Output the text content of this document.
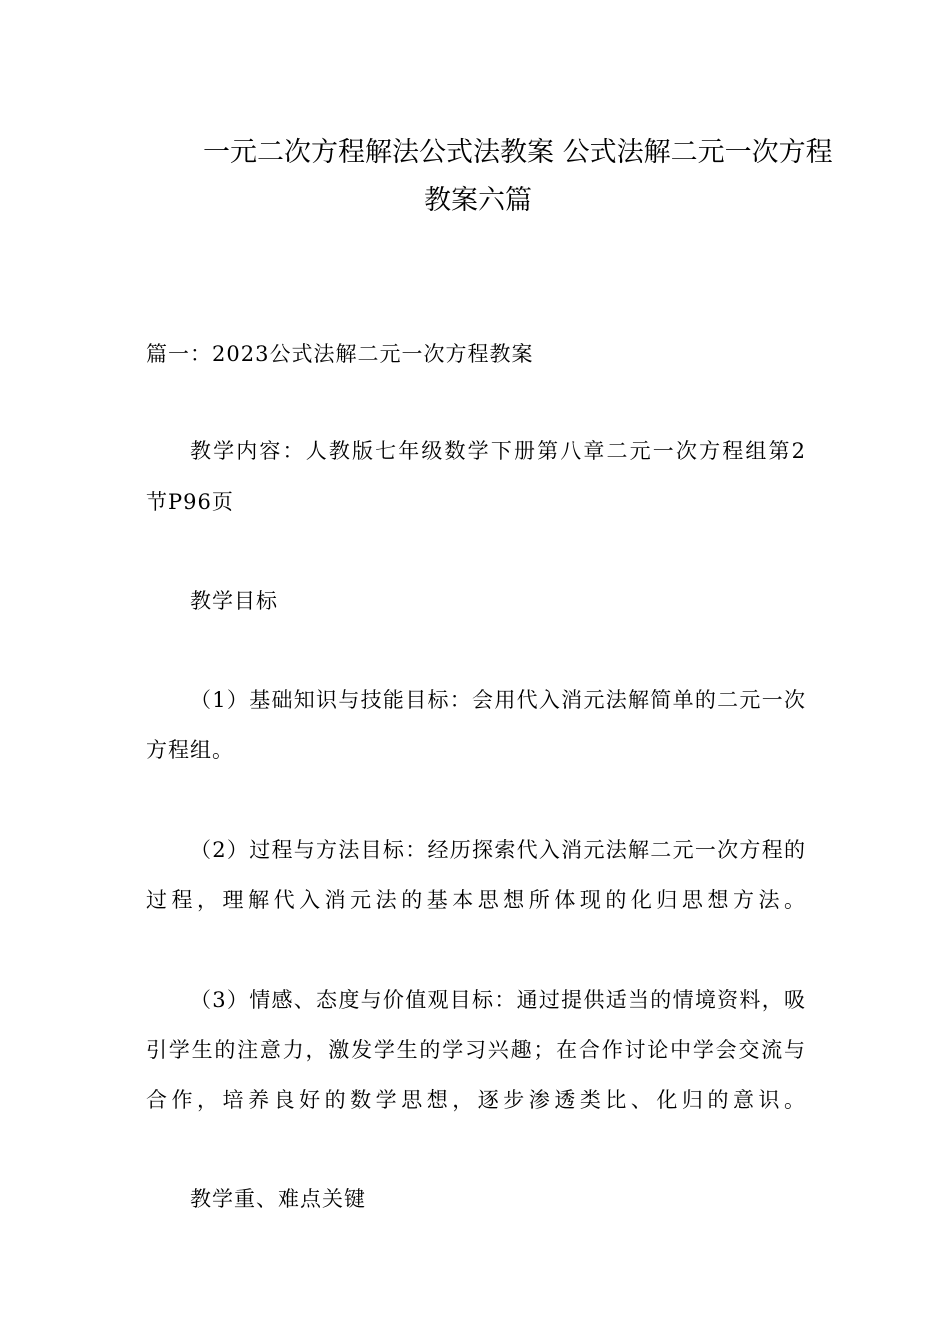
一元二次方程解法公式法教案 公式法解二元一次方程
教案六篇
篇一：2023公式法解二元一次方程教案
教学内容：人教版七年级数学下册第八章二元一次方程组第2
节P96页
教学目标
（1）基础知识与技能目标：会用代入消元法解简单的二元一次
方程组。
（2）过程与方法目标：经历探索代入消元法解二元一次方程的
过程，理解代入消元法的基本思想所体现的化归思想方法。
（3）情感、态度与价值观目标：通过提供适当的情境资料，吸
引学生的注意力，激发学生的学习兴趣；在合作讨论中学会交流与
合作，培养良好的数学思想，逐步渗透类比、化归的意识。
教学重、难点关键
